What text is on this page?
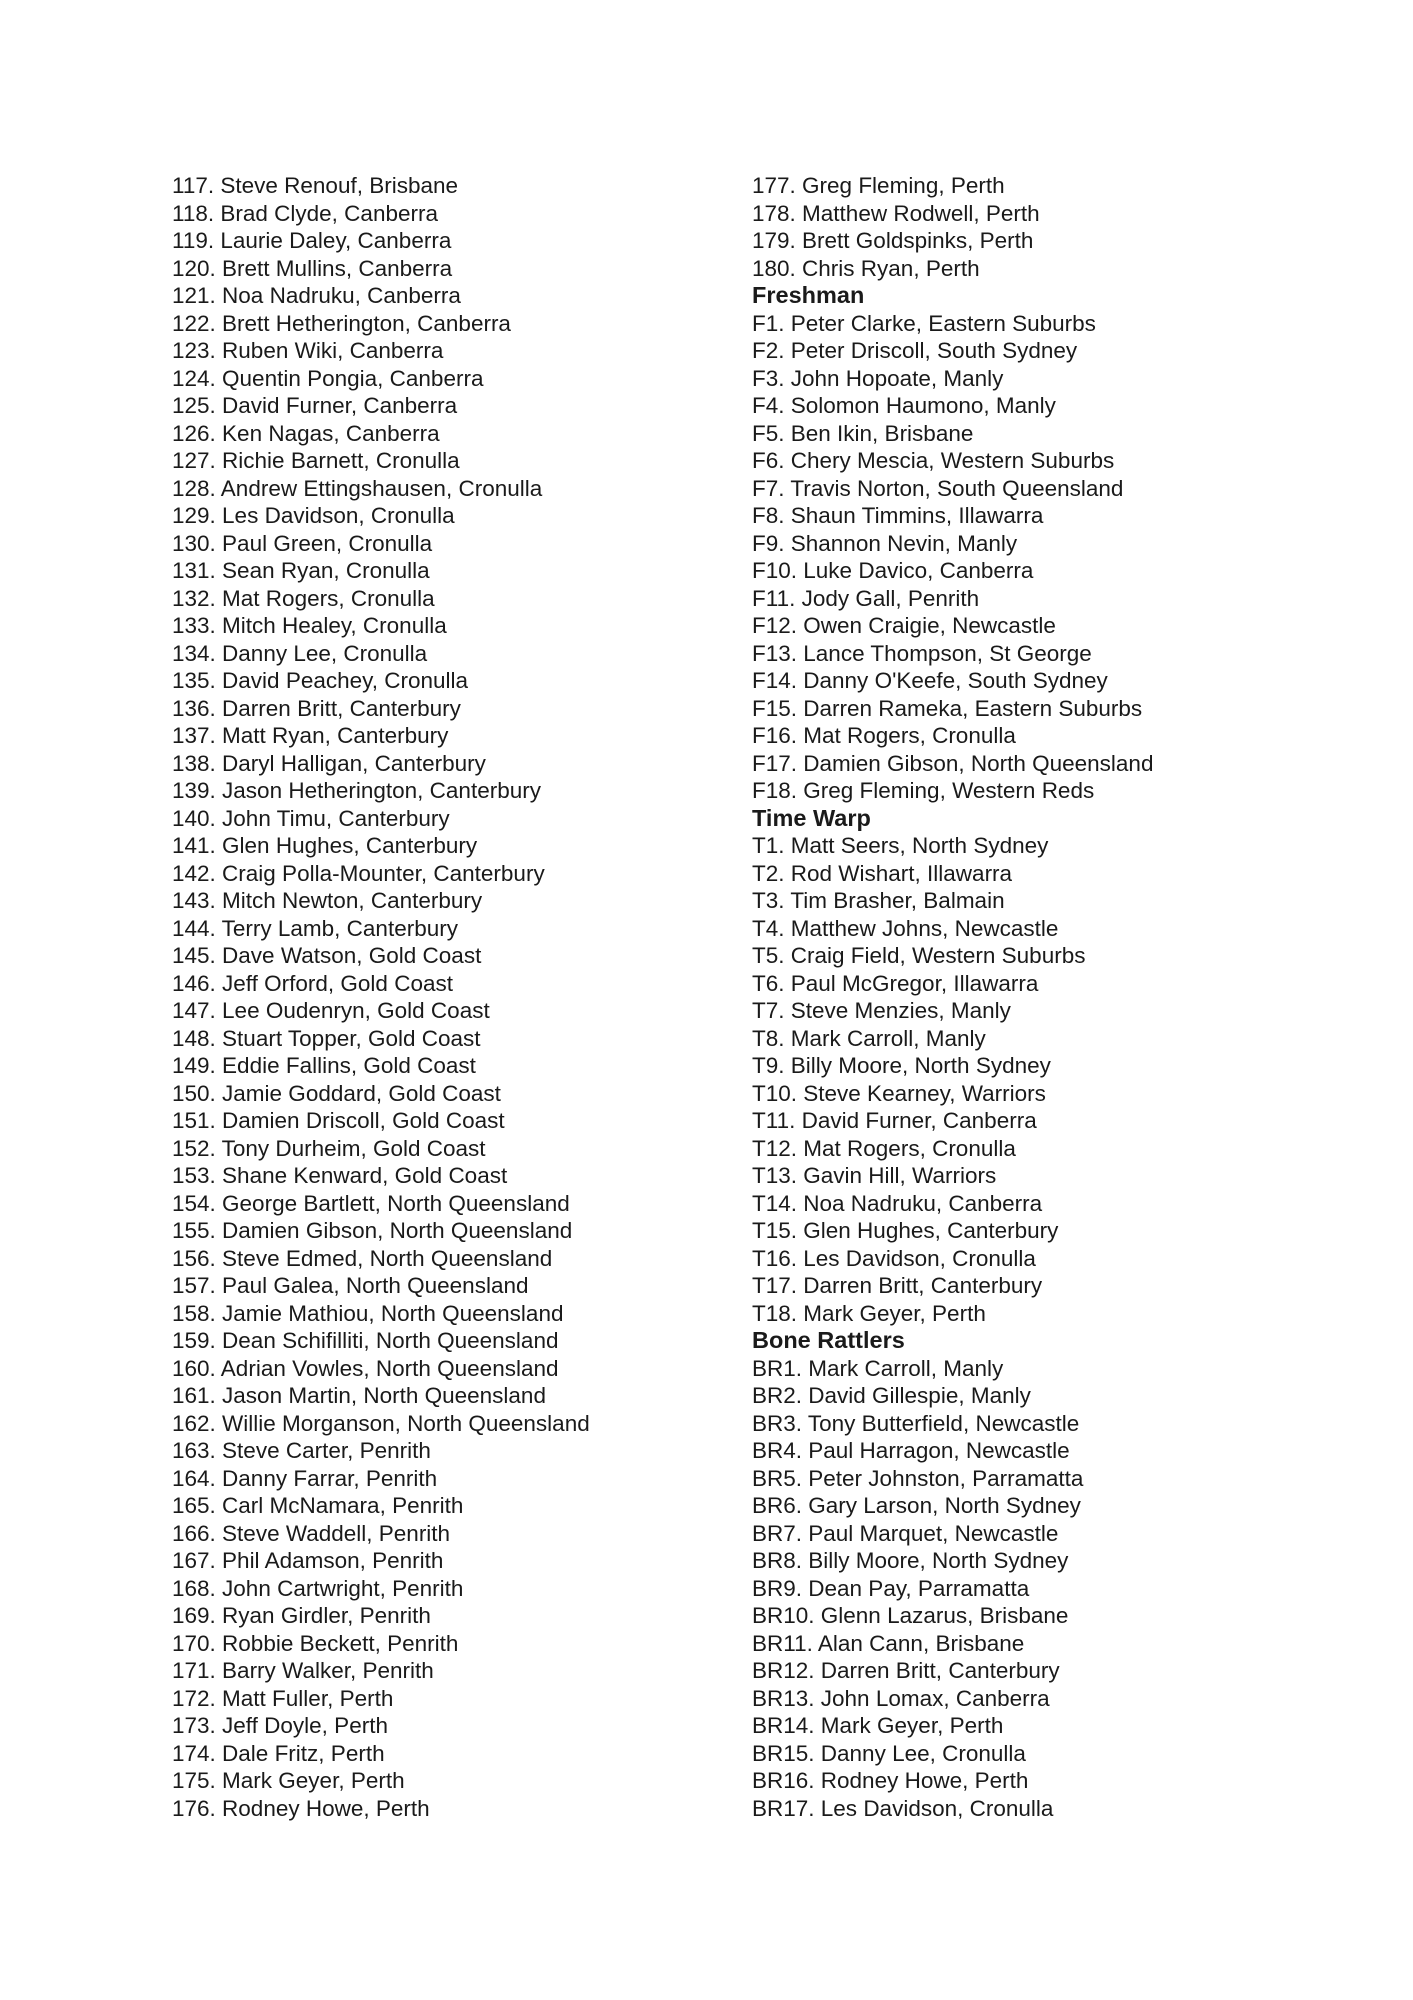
117. Steve Renouf, Brisbane
118. Brad Clyde, Canberra
119. Laurie Daley, Canberra
120. Brett Mullins, Canberra
121. Noa Nadruku, Canberra
122. Brett Hetherington, Canberra
123. Ruben Wiki, Canberra
124. Quentin Pongia, Canberra
125. David Furner, Canberra
126. Ken Nagas, Canberra
127. Richie Barnett, Cronulla
128. Andrew Ettingshausen, Cronulla
129. Les Davidson, Cronulla
130. Paul Green, Cronulla
131. Sean Ryan, Cronulla
132. Mat Rogers, Cronulla
133. Mitch Healey, Cronulla
134. Danny Lee, Cronulla
135. David Peachey, Cronulla
136. Darren Britt, Canterbury
137. Matt Ryan, Canterbury
138. Daryl Halligan, Canterbury
139. Jason Hetherington, Canterbury
140. John Timu, Canterbury
141. Glen Hughes, Canterbury
142. Craig Polla-Mounter, Canterbury
143. Mitch Newton, Canterbury
144. Terry Lamb, Canterbury
145. Dave Watson, Gold Coast
146. Jeff Orford, Gold Coast
147. Lee Oudenryn, Gold Coast
148. Stuart Topper, Gold Coast
149. Eddie Fallins, Gold Coast
150. Jamie Goddard, Gold Coast
151. Damien Driscoll, Gold Coast
152. Tony Durheim, Gold Coast
153. Shane Kenward, Gold Coast
154. George Bartlett, North Queensland
155. Damien Gibson, North Queensland
156. Steve Edmed, North Queensland
157. Paul Galea, North Queensland
158. Jamie Mathiou, North Queensland
159. Dean Schifilliti, North Queensland
160. Adrian Vowles, North Queensland
161. Jason Martin, North Queensland
162. Willie Morganson, North Queensland
163. Steve Carter, Penrith
164. Danny Farrar, Penrith
165. Carl McNamara, Penrith
166. Steve Waddell, Penrith
167. Phil Adamson, Penrith
168. John Cartwright, Penrith
169. Ryan Girdler, Penrith
170. Robbie Beckett, Penrith
171. Barry Walker, Penrith
172. Matt Fuller, Perth
173. Jeff Doyle, Perth
174. Dale Fritz, Perth
175. Mark Geyer, Perth
176. Rodney Howe, Perth
177. Greg Fleming, Perth
178. Matthew Rodwell, Perth
179. Brett Goldspinks, Perth
180. Chris Ryan, Perth
Freshman
F1. Peter Clarke, Eastern Suburbs
F2. Peter Driscoll, South Sydney
F3. John Hopoate, Manly
F4. Solomon Haumono, Manly
F5. Ben Ikin, Brisbane
F6. Chery Mescia, Western Suburbs
F7. Travis Norton, South Queensland
F8. Shaun Timmins, Illawarra
F9. Shannon Nevin, Manly
F10. Luke Davico, Canberra
F11. Jody Gall, Penrith
F12. Owen Craigie, Newcastle
F13. Lance Thompson, St George
F14. Danny O'Keefe, South Sydney
F15. Darren Rameka, Eastern Suburbs
F16. Mat Rogers, Cronulla
F17. Damien Gibson, North Queensland
F18. Greg Fleming, Western Reds
Time Warp
T1. Matt Seers, North Sydney
T2. Rod Wishart, Illawarra
T3. Tim Brasher, Balmain
T4. Matthew Johns, Newcastle
T5. Craig Field, Western Suburbs
T6. Paul McGregor, Illawarra
T7. Steve Menzies, Manly
T8. Mark Carroll, Manly
T9. Billy Moore, North Sydney
T10. Steve Kearney, Warriors
T11. David Furner, Canberra
T12. Mat Rogers, Cronulla
T13. Gavin Hill, Warriors
T14. Noa Nadruku, Canberra
T15. Glen Hughes, Canterbury
T16. Les Davidson, Cronulla
T17. Darren Britt, Canterbury
T18. Mark Geyer, Perth
Bone Rattlers
BR1. Mark Carroll, Manly
BR2. David Gillespie, Manly
BR3. Tony Butterfield, Newcastle
BR4. Paul Harragon, Newcastle
BR5. Peter Johnston, Parramatta
BR6. Gary Larson, North Sydney
BR7. Paul Marquet, Newcastle
BR8. Billy Moore, North Sydney
BR9. Dean Pay, Parramatta
BR10. Glenn Lazarus, Brisbane
BR11. Alan Cann, Brisbane
BR12. Darren Britt, Canterbury
BR13. John Lomax, Canberra
BR14. Mark Geyer, Perth
BR15. Danny Lee, Cronulla
BR16. Rodney Howe, Perth
BR17. Les Davidson, Cronulla
